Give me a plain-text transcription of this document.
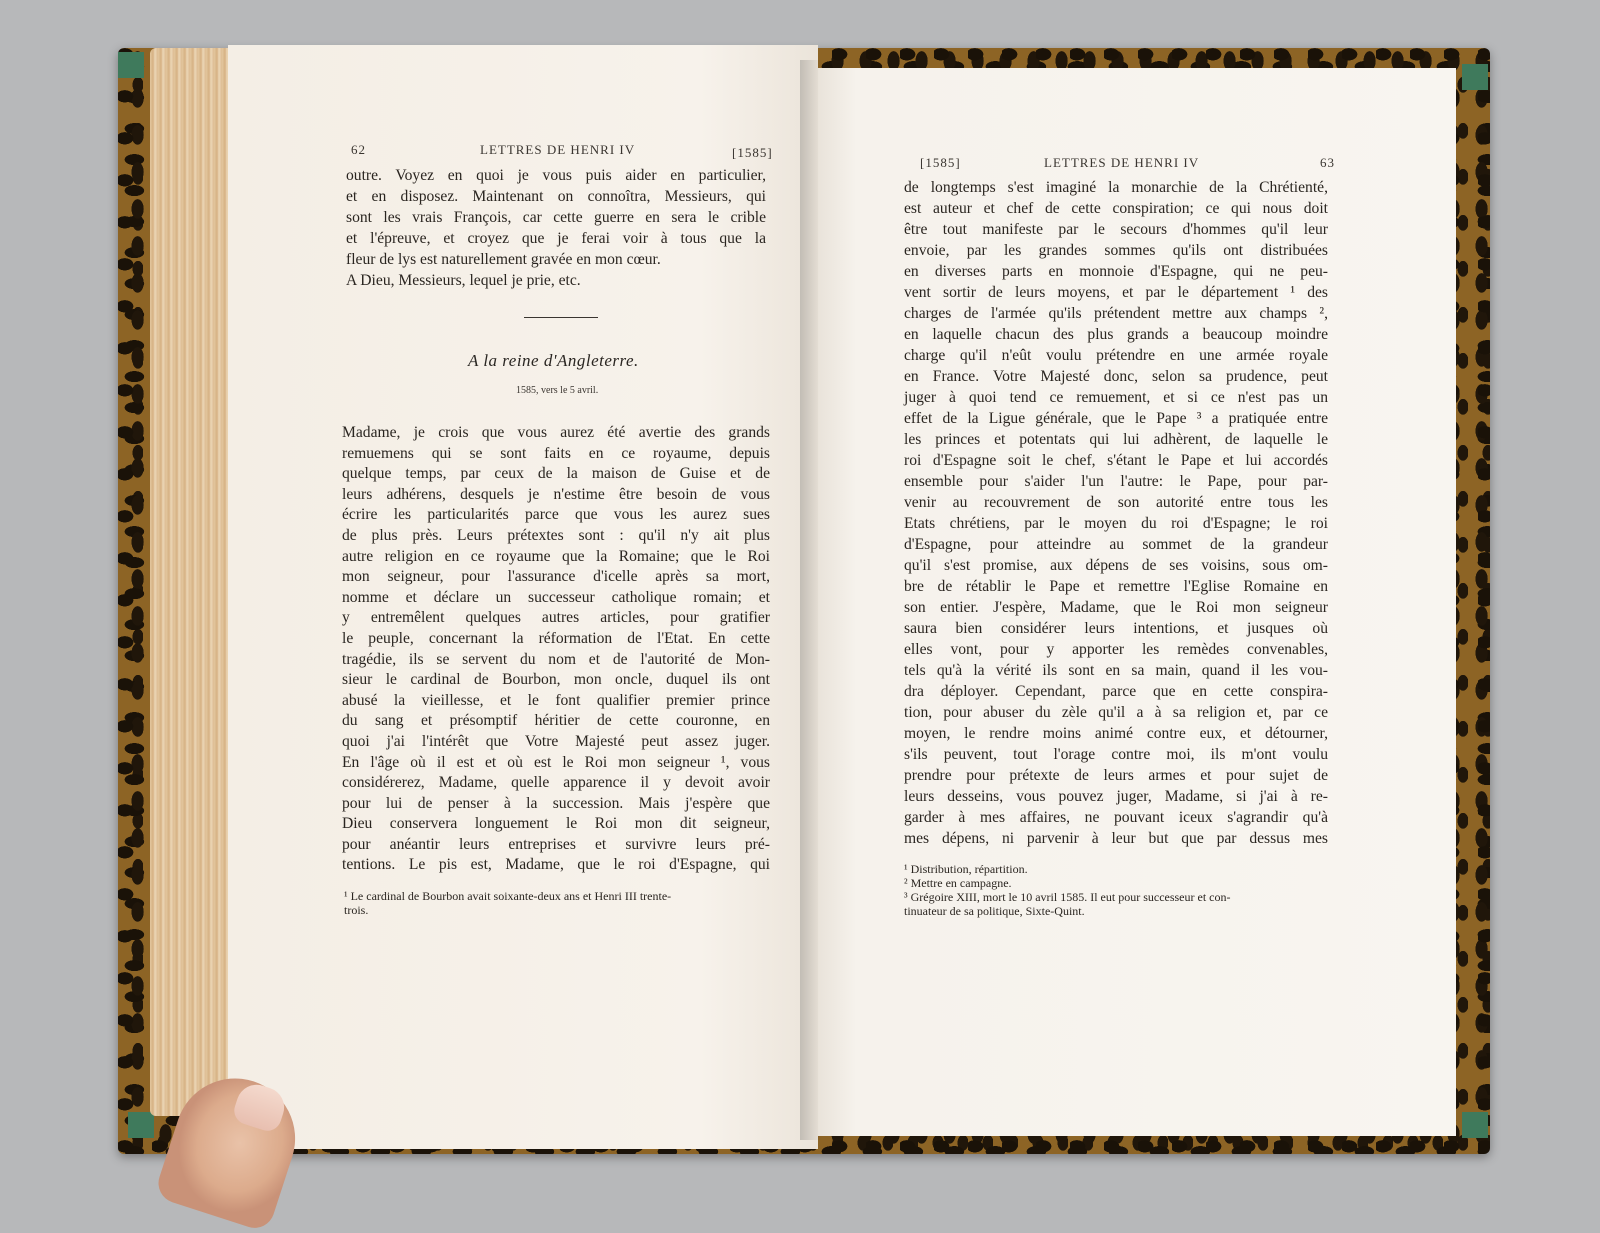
62	LETTRES DE HENRI IV	[1585]
outre. Voyez en quoi je vous puis aider en particulier,
et en disposez. Maintenant on connoîtra, Messieurs, qui
sont les vrais François, car cette guerre en sera le crible
et l'épreuve, et croyez que je ferai voir à tous que la
fleur de lys est naturellement gravée en mon cœur.
A Dieu, Messieurs, lequel je prie, etc.
A la reine d'Angleterre.
1585, vers le 5 avril.
Madame, je crois que vous aurez été avertie des grands
remuemens qui se sont faits en ce royaume, depuis
quelque temps, par ceux de la maison de Guise et de
leurs adhérens, desquels je n'estime être besoin de vous
écrire les particularités parce que vous les aurez sues
de plus près. Leurs prétextes sont : qu'il n'y ait plus
autre religion en ce royaume que la Romaine; que le Roi
mon seigneur, pour l'assurance d'icelle après sa mort,
nomme et déclare un successeur catholique romain; et
y entremêlent quelques autres articles, pour gratifier
le peuple, concernant la réformation de l'Etat. En cette
tragédie, ils se servent du nom et de l'autorité de Mon-
sieur le cardinal de Bourbon, mon oncle, duquel ils ont
abusé la vieillesse, et le font qualifier premier prince
du sang et présomptif héritier de cette couronne, en
quoi j'ai l'intérêt que Votre Majesté peut assez juger.
En l'âge où il est et où est le Roi mon seigneur ¹, vous
considérerez, Madame, quelle apparence il y devoit avoir
pour lui de penser à la succession. Mais j'espère que
Dieu conservera longuement le Roi mon dit seigneur,
pour anéantir leurs entreprises et survivre leurs pré-
tentions. Le pis est, Madame, que le roi d'Espagne, qui
¹ Le cardinal de Bourbon avait soixante-deux ans et Henri III trente-
trois.
[1585]	LETTRES DE HENRI IV	63
de longtemps s'est imaginé la monarchie de la Chrétienté,
est auteur et chef de cette conspiration; ce qui nous doit
être tout manifeste par le secours d'hommes qu'il leur
envoie, par les grandes sommes qu'ils ont distribuées
en diverses parts en monnoie d'Espagne, qui ne peu-
vent sortir de leurs moyens, et par le département ¹ des
charges de l'armée qu'ils prétendent mettre aux champs ²,
en laquelle chacun des plus grands a beaucoup moindre
charge qu'il n'eût voulu prétendre en une armée royale
en France. Votre Majesté donc, selon sa prudence, peut
juger à quoi tend ce remuement, et si ce n'est pas un
effet de la Ligue générale, que le Pape ³ a pratiquée entre
les princes et potentats qui lui adhèrent, de laquelle le
roi d'Espagne soit le chef, s'étant le Pape et lui accordés
ensemble pour s'aider l'un l'autre: le Pape, pour par-
venir au recouvrement de son autorité entre tous les
Etats chrétiens, par le moyen du roi d'Espagne; le roi
d'Espagne, pour atteindre au sommet de la grandeur
qu'il s'est promise, aux dépens de ses voisins, sous om-
bre de rétablir le Pape et remettre l'Eglise Romaine en
son entier. J'espère, Madame, que le Roi mon seigneur
saura bien considérer leurs intentions, et jusques où
elles vont, pour y apporter les remèdes convenables,
tels qu'à la vérité ils sont en sa main, quand il les vou-
dra déployer. Cependant, parce que en cette conspira-
tion, pour abuser du zèle qu'il a à sa religion et, par ce
moyen, le rendre moins animé contre eux, et détourner,
s'ils peuvent, tout l'orage contre moi, ils m'ont voulu
prendre pour prétexte de leurs armes et pour sujet de
leurs desseins, vous pouvez juger, Madame, si j'ai à re-
garder à mes affaires, ne pouvant iceux s'agrandir qu'à
mes dépens, ni parvenir à leur but que par dessus mes
¹ Distribution, répartition.
² Mettre en campagne.
³ Grégoire XIII, mort le 10 avril 1585. Il eut pour successeur et con-
tinuateur de sa politique, Sixte-Quint.
